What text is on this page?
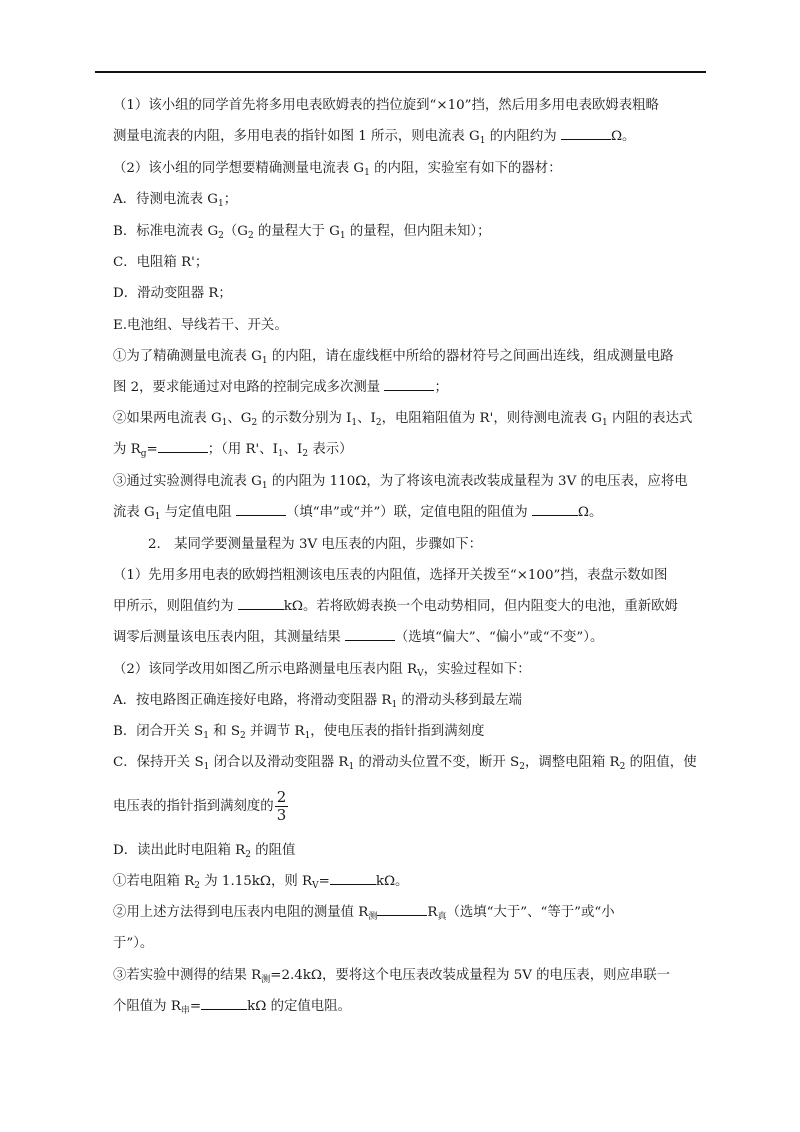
（1）该小组的同学首先将多用电表欧姆表的挡位旋到“×10”挡，然后用多用电表欧姆表粗略
测量电流表的内阻，多用电表的指针如图 1 所示，则电流表 $G_1$ 的内阻约为	Ω。
（2）该小组的同学想要精确测量电流表 $G_1$ 的内阻，实验室有如下的器材：
A．待测电流表 $G_1$；
B．标准电流表 $G_2(G_2$ 的量程大于 $G_1$ 的量程，但内阻未知）；
C．电阻箱 R'；
D．滑动变阻器 R；
E.电池组、导线若干、开关。
①为了精确测量电流表 $G_1$ 的内阻，请在虚线框中所给的器材符号之间画出连线，组成测量电路
图 2，要求能通过对电路的控制完成多次测量	；
②如果两电流表 $G_1$、$G_2$ 的示数分别为 $I_1$、$I_2$，电阻箱阻值为 R'，则待测电流表 $G_1$ 内阻的表达式
为 $R_g=$	；（用 R'、$I_1$、$I_2$ 表示）
③通过实验测得电流表 $G_1$ 的内阻为 110Ω，为了将该电流表改装成量程为 3V 的电压表，应将电
流表 $G_1$ 与定值电阻	（填“串”或“并”）联，定值电阻的阻值为	Ω。
2.　某同学要测量量程为 3V 电压表的内阻，步骤如下：
（1）先用多用电表的欧姆挡粗测该电压表的内阻值，选择开关拨至“×100”挡，表盘示数如图
甲所示，则阻值约为	kΩ。若将欧姆表换一个电动势相同，但内阻变大的电池，重新欧姆
调零后测量该电压表内阻，其测量结果	（选填“偏大”、“偏小”或“不变”）。
（2）该同学改用如图乙所示电路测量电压表内阻 $R_V$，实验过程如下：
A．按电路图正确连接好电路，将滑动变阻器 $R_1$ 的滑动头移到最左端
B．闭合开关 $S_1$ 和 $S_2$ 并调节 $R_1$，使电压表的指针指到满刻度
C．保持开关 $S_1$ 闭合以及滑动变阻器 $R_1$ 的滑动头位置不变，断开 $S_2$，调整电阻箱 $R_2$ 的阻值，使
电压表的指针指到满刻度的 $\frac{2}{3}$
D．读出此时电阻箱 $R_2$ 的阻值
①若电阻箱 $R_2$ 为 1.15kΩ，则 $R_V=$	kΩ。
②用上述方法得到电压表内电阻的测量值 $R_测$	$R_真$（选填“大于”、“等于”或“小
于”）。
③若实验中测得的结果 $R_测=2.4k\Omega$，要将这个电压表改装成量程为 5V 的电压表，则应串联一
个阻值为 $R_串=$	kΩ 的定值电阻。
